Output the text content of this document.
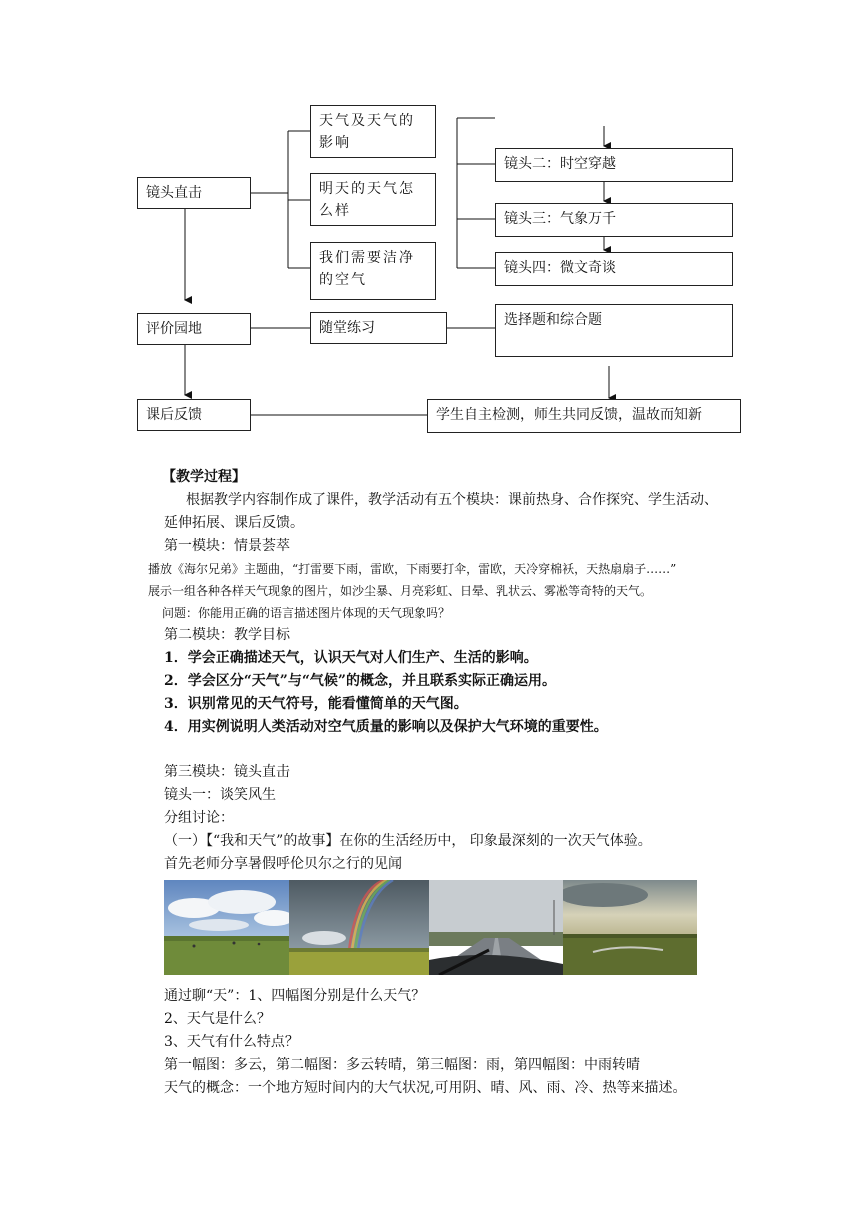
镜头直击
评价园地
课后反馈
天气及天气的影响
明天的天气怎么样
我们需要洁净的空气
随堂练习
镜头二：时空穿越
镜头三：气象万千
镜头四：微文奇谈
选择题和综合题
学生自主检测，师生共同反馈，温故而知新
【教学过程】
根据教学内容制作成了课件，教学活动有五个模块：课前热身、合作探究、学生活动、
延伸拓展、课后反馈。
第一模块：情景荟萃
播放《海尔兄弟》主题曲，“打雷要下雨，雷欧，下雨要打伞，雷欧，天冷穿棉袄，天热扇扇子……”
展示一组各种各样天气现象的图片，如沙尘暴、月亮彩虹、日晕、乳状云、雾凇等奇特的天气。
问题：你能用正确的语言描述图片体现的天气现象吗？
第二模块：教学目标
1．学会正确描述天气，认识天气对人们生产、生活的影响。
2．学会区分“天气”与“气候”的概念，并且联系实际正确运用。
3．识别常见的天气符号，能看懂简单的天气图。
4．用实例说明人类活动对空气质量的影响以及保护大气环境的重要性。
第三模块：镜头直击
镜头一：谈笑风生
分组讨论：
（一）【“我和天气”的故事】在你的生活经历中， 印象最深刻的一次天气体验。
首先老师分享暑假呼伦贝尔之行的见闻
通过聊“天”：1、四幅图分别是什么天气？
2、天气是什么？
3、天气有什么特点？
第一幅图：多云，第二幅图：多云转晴，第三幅图：雨，第四幅图：中雨转晴
天气的概念：一个地方短时间内的大气状况,可用阴、晴、风、雨、冷、热等来描述。
